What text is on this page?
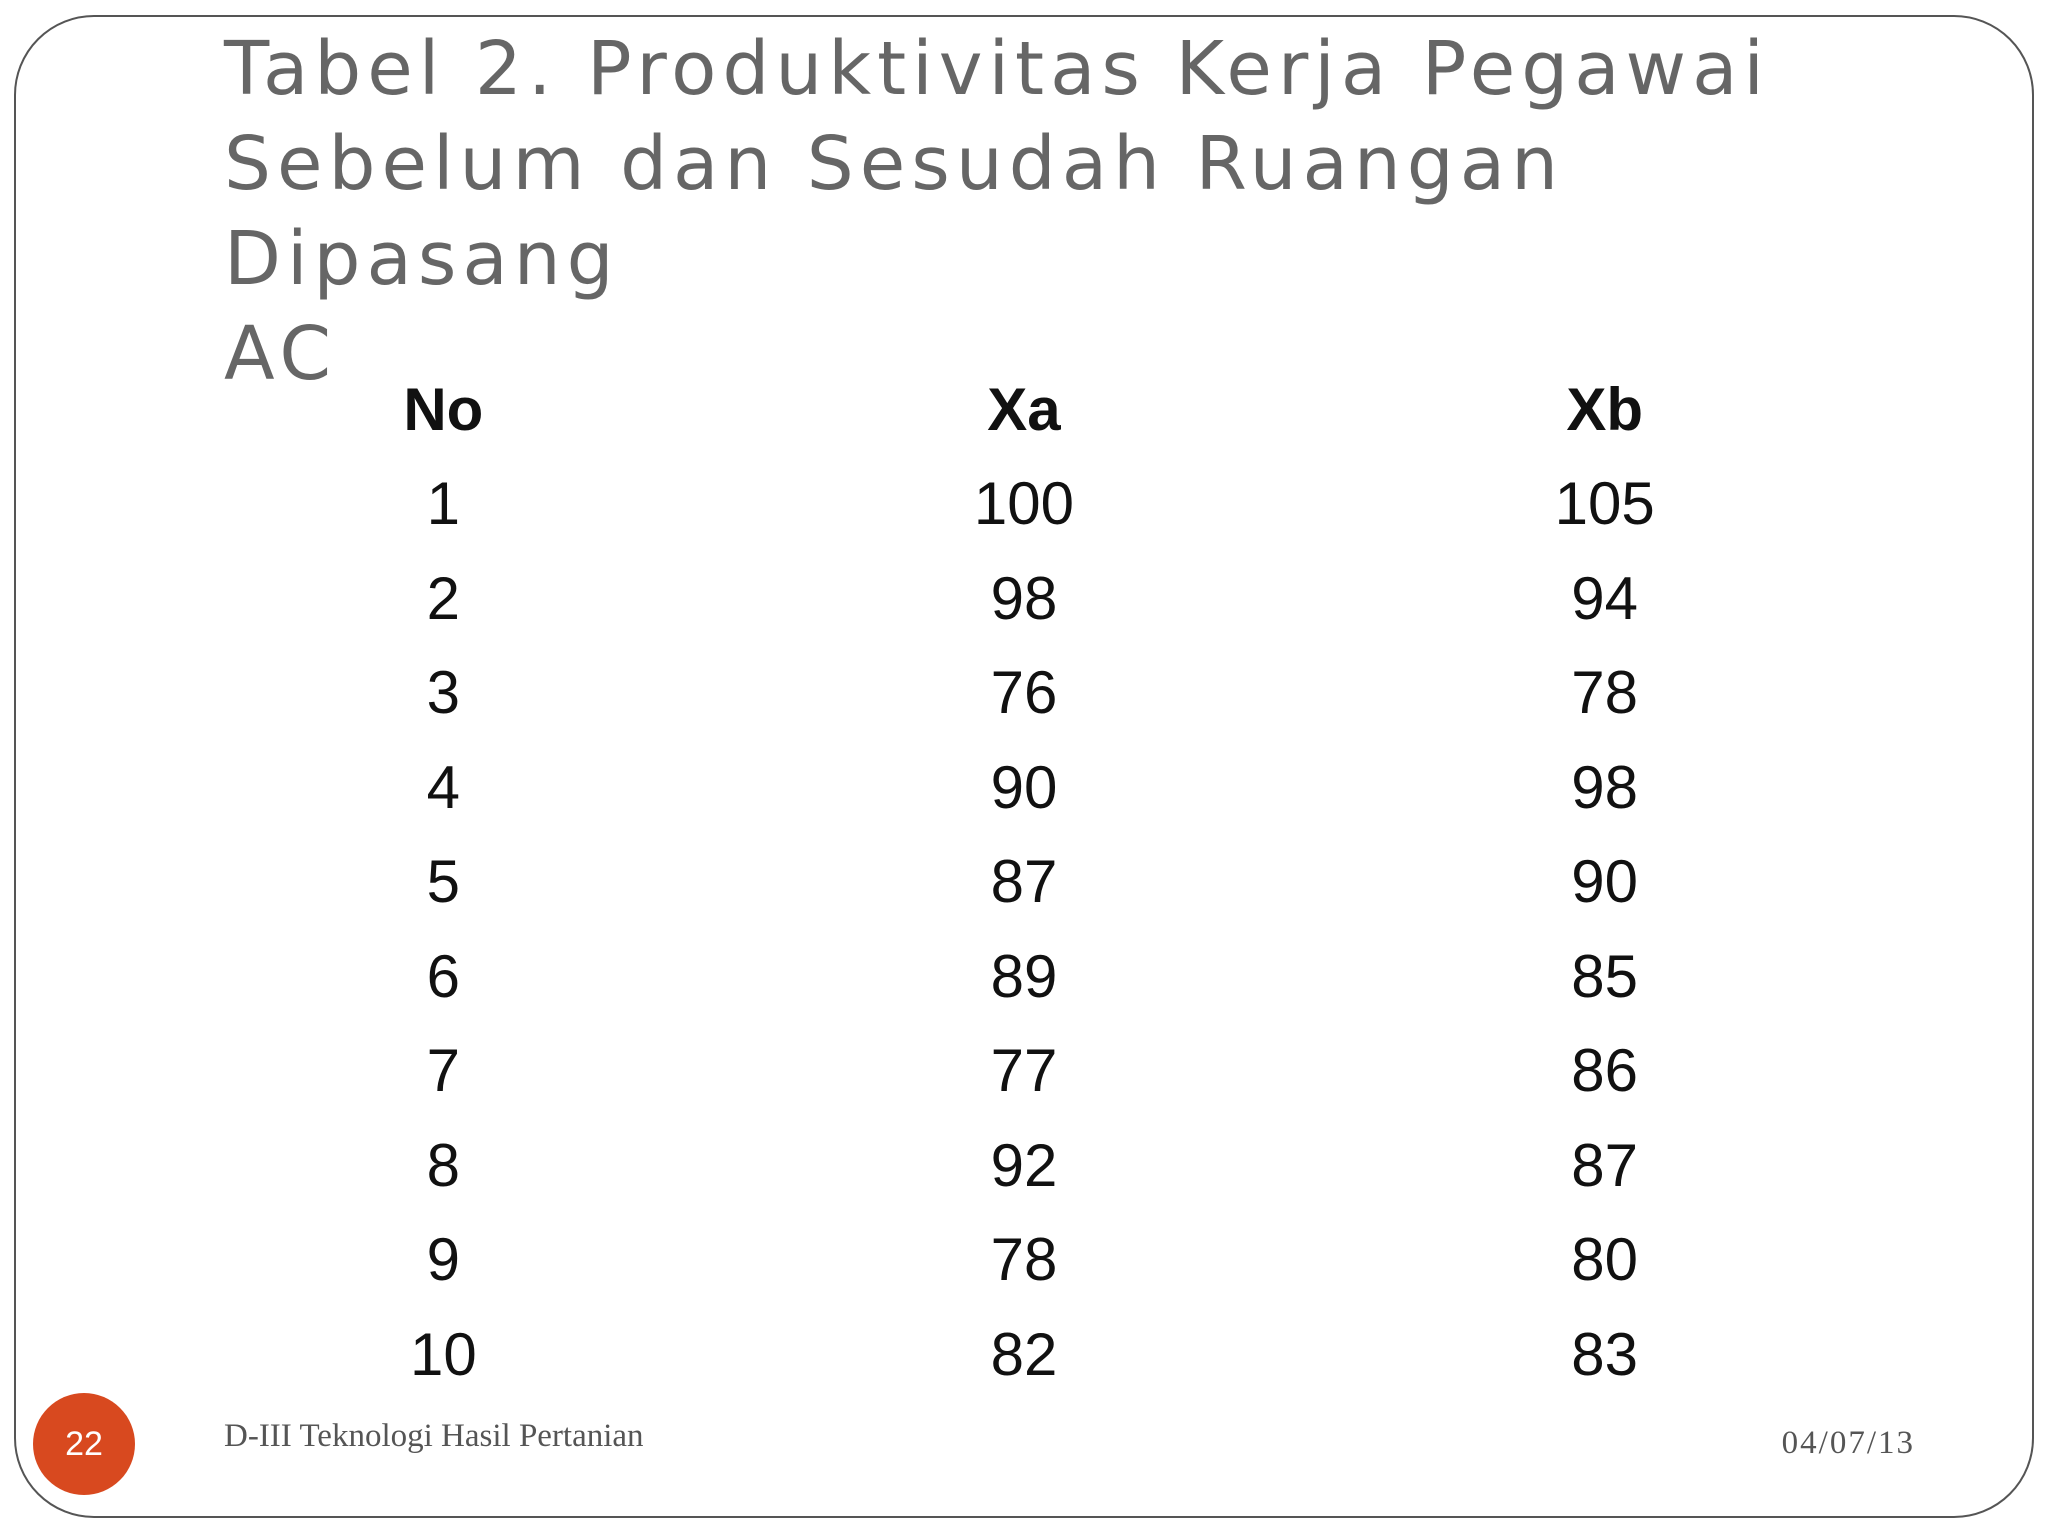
Tabel 2. Produktivitas Kerja Pegawai
Sebelum dan Sesudah Ruangan Dipasang
AC
No	Xa	Xb
1	100	105
2	98	94
3	76	78
4	90	98
5	87	90
6	89	85
7	77	86
8	92	87
9	78	80
10	82	83
22	D-III Teknologi Hasil Pertanian	04/07/13
